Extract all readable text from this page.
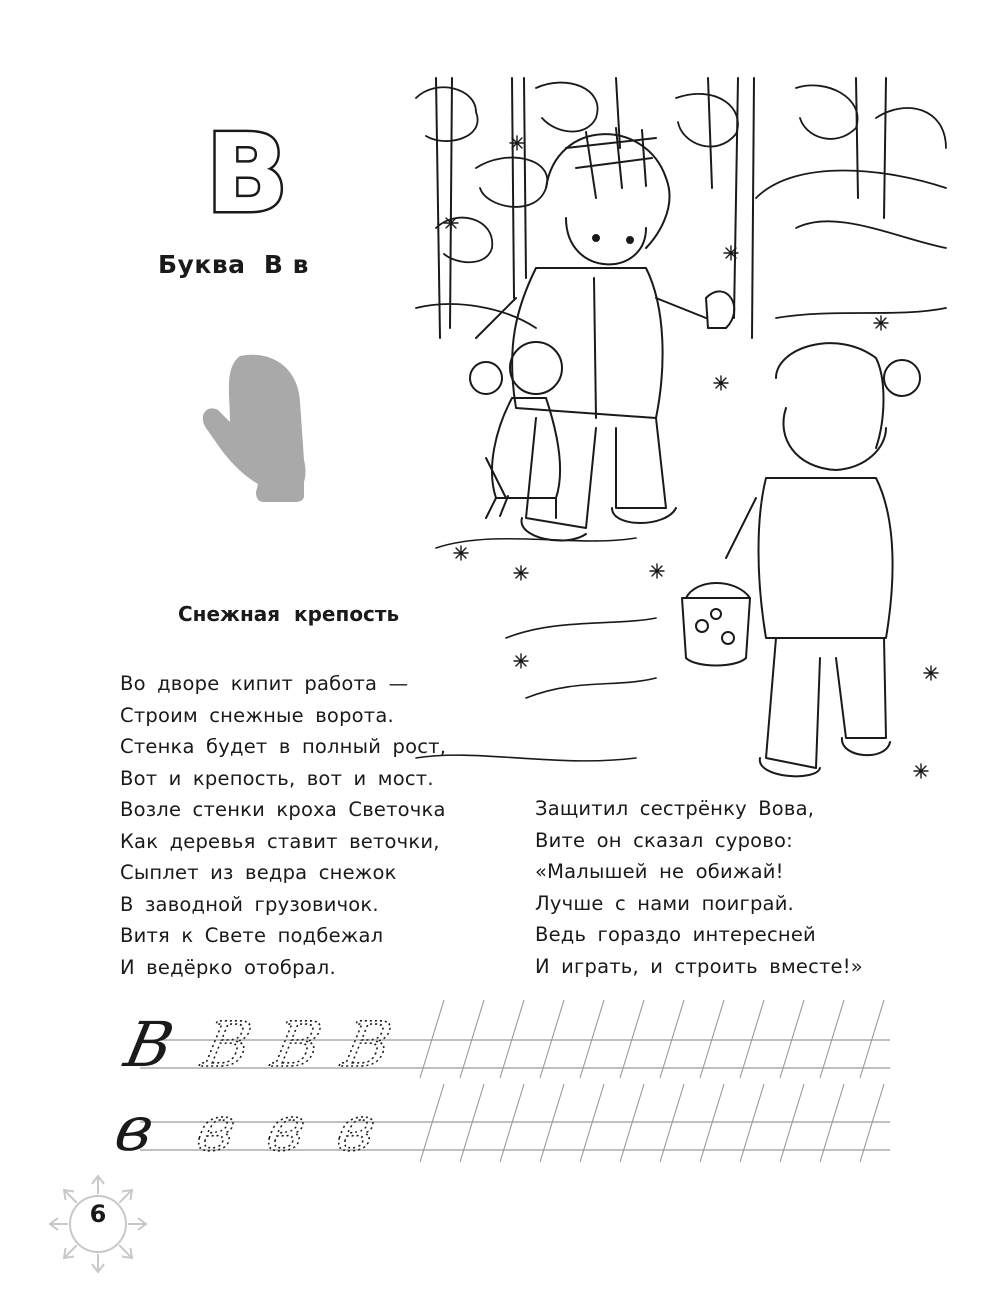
В
Буква  В в
Снежная  крепость
Во дворе кипит работа —
Строим снежные ворота.
Стенка будет в полный рост,
Вот и крепость, вот и мост.
Возле стенки кроха Светочка
Как деревья ставит веточки,
Сыплет из ведра снежок
В заводной грузовичок.
Витя к Свете подбежал
И ведёрко отобрал.
Защитил сестрёнку Вова,
Вите он сказал сурово:
«Малышей не обижай!
Лучше с нами поиграй.
Ведь гораздо интересней
И играть, и строить вместе!»
В В В В
в в в в
6
